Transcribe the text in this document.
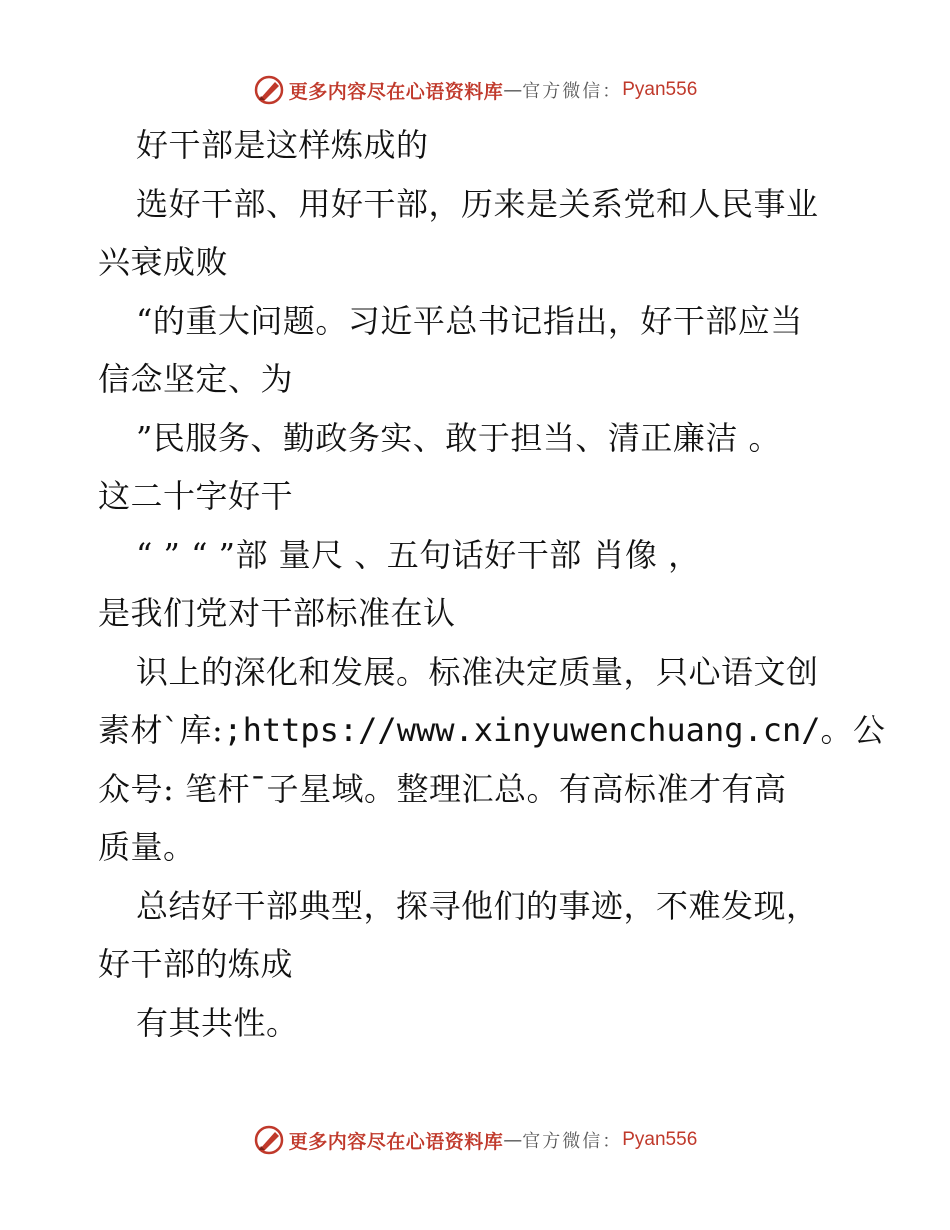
更多内容尽在心语资料库 — 官方微信： Pyan556
好干部是这样炼成的
选好干部、用好干部，历来是关系党和人民事业
兴衰成败
“的重大问题。习近平总书记指出，好干部应当
信念坚定、为
”民服务、勤政务实、敢于担当、清正廉洁 。
这二十字好干
“ ” “ ”部 量尺 、五句话好干部 肖像 ，
是我们党对干部标准在认
识上的深化和发展。标准决定质量，只心语文创
素材`库:;https://www.xinyuwenchuang.cn/。公
众号: 笔杆¯子星域。整理汇总。有高标准才有高
质量。
总结好干部典型，探寻他们的事迹，不难发现，
好干部的炼成
有其共性。
更多内容尽在心语资料库 — 官方微信： Pyan556
